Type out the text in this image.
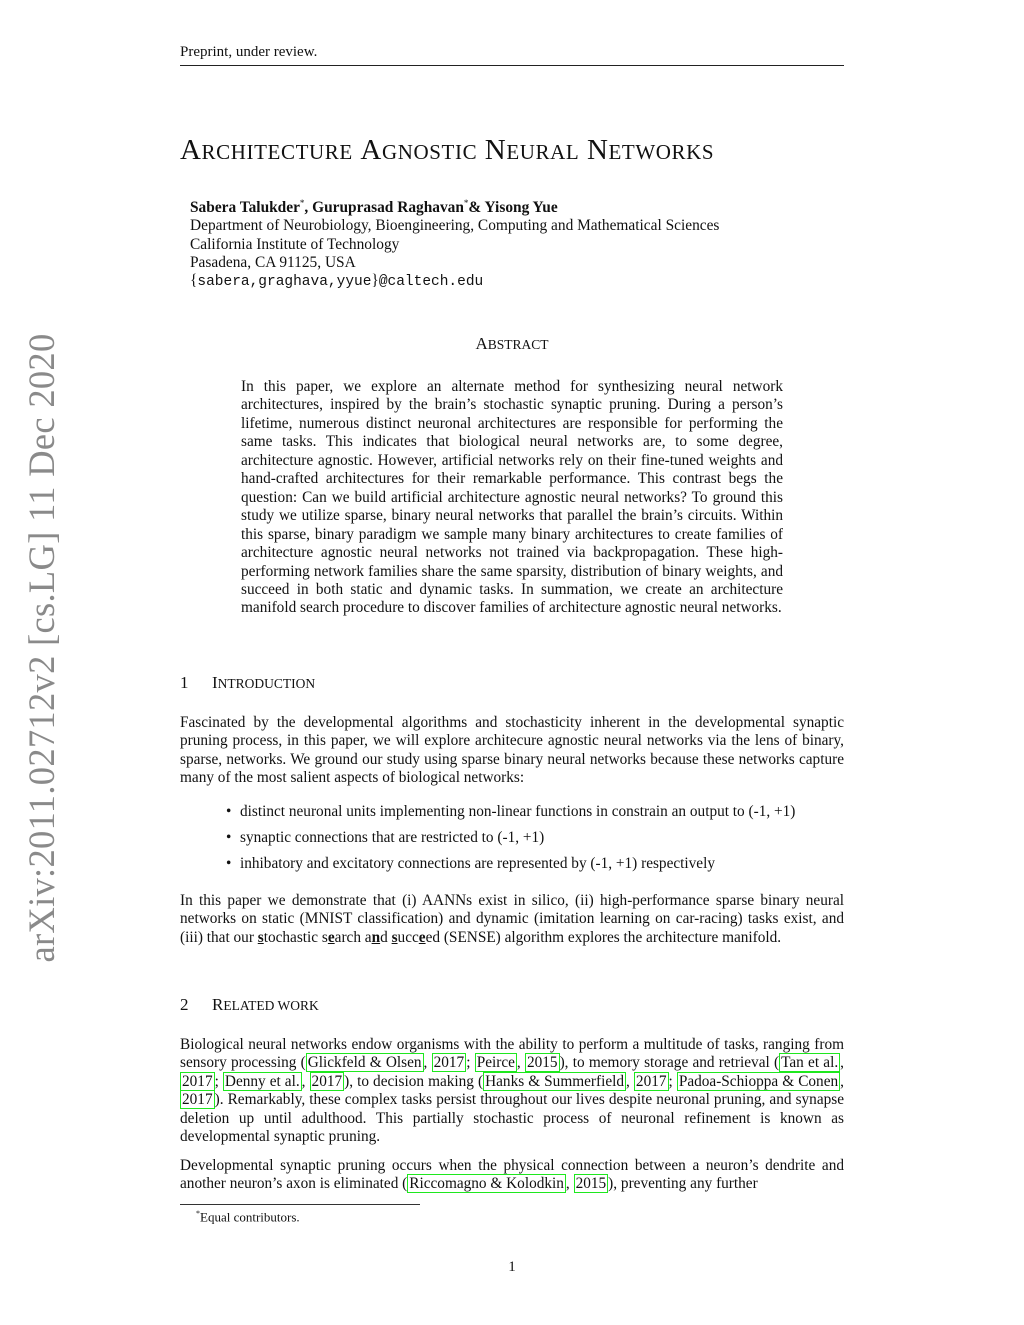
Preprint, under review.
ARCHITECTURE AGNOSTIC NEURAL NETWORKS
Sabera Talukder*, Guruprasad Raghavan*& Yisong Yue
Department of Neurobiology, Bioengineering, Computing and Mathematical Sciences
California Institute of Technology
Pasadena, CA 91125, USA
{sabera,graghava,yyue}@caltech.edu
ABSTRACT
In this paper, we explore an alternate method for synthesizing neural network architectures, inspired by the brain’s stochastic synaptic pruning. During a person’s lifetime, numerous distinct neuronal architectures are responsible for performing the same tasks. This indicates that biological neural networks are, to some degree, architecture agnostic. However, artificial networks rely on their fine-tuned weights and hand-crafted architectures for their remarkable performance. This contrast begs the question: Can we build artificial architecture agnostic neural networks? To ground this study we utilize sparse, binary neural networks that parallel the brain’s circuits. Within this sparse, binary paradigm we sample many binary architectures to create families of architecture agnostic neural networks not trained via backpropagation. These high-performing network families share the same sparsity, distribution of binary weights, and succeed in both static and dynamic tasks. In summation, we create an architecture manifold search procedure to discover families of architecture agnostic neural networks.
1 INTRODUCTION
Fascinated by the developmental algorithms and stochasticity inherent in the developmental synaptic pruning process, in this paper, we will explore architecure agnostic neural networks via the lens of binary, sparse, networks. We ground our study using sparse binary neural networks because these networks capture many of the most salient aspects of biological networks:
• distinct neuronal units implementing non-linear functions in constrain an output to (-1, +1)
• synaptic connections that are restricted to (-1, +1)
• inhibatory and excitatory connections are represented by (-1, +1) respectively
In this paper we demonstrate that (i) AANNs exist in silico, (ii) high-performance sparse binary neural networks on static (MNIST classification) and dynamic (imitation learning on car-racing) tasks exist, and (iii) that our stochastic search and succeed (SENSE) algorithm explores the architecture manifold.
2 RELATED WORK
Biological neural networks endow organisms with the ability to perform a multitude of tasks, ranging from sensory processing ( Glickfeld & Olsen , 2017 ; Peirce , 2015 ), to memory storage and retrieval ( Tan et al. , 2017 ; Denny et al. , 2017 ), to decision making ( Hanks & Summerfield , 2017 ; Padoa-Schioppa & Conen , 2017 ). Remarkably, these complex tasks persist throughout our lives despite neuronal pruning, and synapse deletion up until adulthood. This partially stochastic process of neuronal refinement is known as developmental synaptic pruning.
Developmental synaptic pruning occurs when the physical connection between a neuron’s dendrite and another neuron’s axon is eliminated ( Riccomagno & Kolodkin , 2015 ), preventing any further
*Equal contributors.
1
arXiv:2011.02712v2 [cs.LG] 11 Dec 2020
